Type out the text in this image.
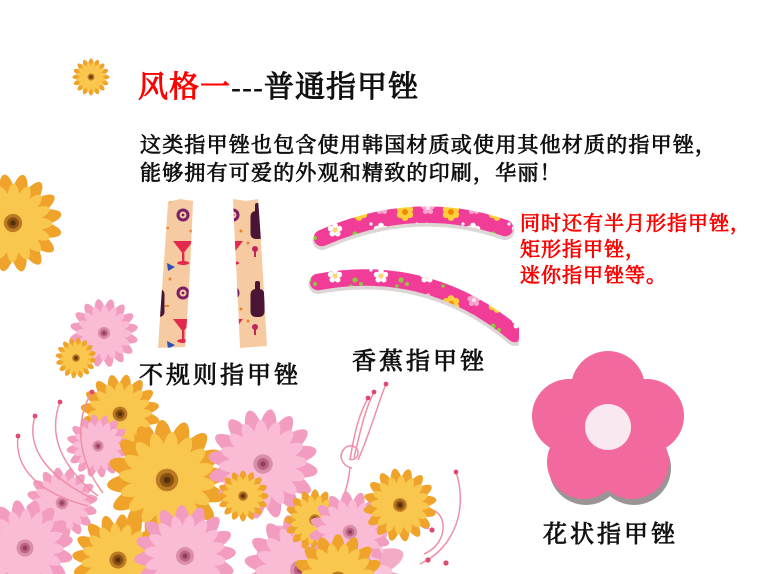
风格一---普通指甲锉
这类指甲锉也包含使用韩国材质或使用其他材质的指甲锉，
能够拥有可爱的外观和精致的印刷，华丽！
不规则指甲锉
香蕉指甲锉
同时还有半月形指甲锉，
矩形指甲锉，
迷你指甲锉等。
花状指甲锉
